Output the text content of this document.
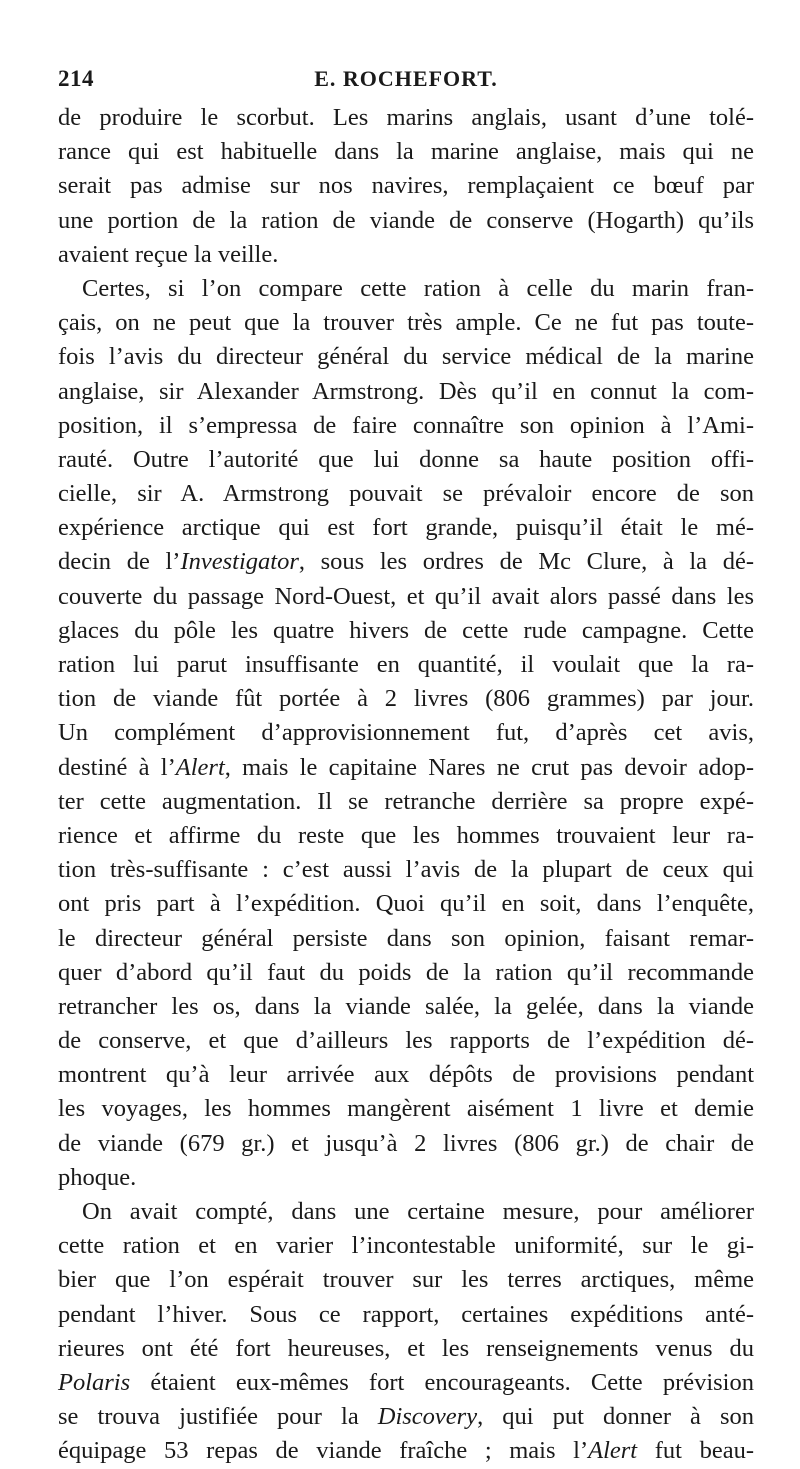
214	E. ROCHEFORT.
de produire le scorbut. Les marins anglais, usant d’une tolé-
rance qui est habituelle dans la marine anglaise, mais qui ne
serait pas admise sur nos navires, remplaçaient ce bœuf par
une portion de la ration de viande de conserve (Hogarth) qu’ils
avaient reçue la veille.
Certes, si l’on compare cette ration à celle du marin fran-
çais, on ne peut que la trouver très ample. Ce ne fut pas toute-
fois l’avis du directeur général du service médical de la marine
anglaise, sir Alexander Armstrong. Dès qu’il en connut la com-
position, il s’empressa de faire connaître son opinion à l’Ami-
rauté. Outre l’autorité que lui donne sa haute position offi-
cielle, sir A. Armstrong pouvait se prévaloir encore de son
expérience arctique qui est fort grande, puisqu’il était le mé-
decin de l’Investigator, sous les ordres de Mc Clure, à la dé-
couverte du passage Nord-Ouest, et qu’il avait alors passé dans les
glaces du pôle les quatre hivers de cette rude campagne. Cette
ration lui parut insuffisante en quantité, il voulait que la ra-
tion de viande fût portée à 2 livres (806 grammes) par jour.
Un complément d’approvisionnement fut, d’après cet avis,
destiné à l’Alert, mais le capitaine Nares ne crut pas devoir adop-
ter cette augmentation. Il se retranche derrière sa propre expé-
rience et affirme du reste que les hommes trouvaient leur ra-
tion très-suffisante : c’est aussi l’avis de la plupart de ceux qui
ont pris part à l’expédition. Quoi qu’il en soit, dans l’enquête,
le directeur général persiste dans son opinion, faisant remar-
quer d’abord qu’il faut du poids de la ration qu’il recommande
retrancher les os, dans la viande salée, la gelée, dans la viande
de conserve, et que d’ailleurs les rapports de l’expédition dé-
montrent qu’à leur arrivée aux dépôts de provisions pendant
les voyages, les hommes mangèrent aisément 1 livre et demie
de viande (679 gr.) et jusqu’à 2 livres (806 gr.) de chair de
phoque.
On avait compté, dans une certaine mesure, pour améliorer
cette ration et en varier l’incontestable uniformité, sur le gi-
bier que l’on espérait trouver sur les terres arctiques, même
pendant l’hiver. Sous ce rapport, certaines expéditions anté-
rieures ont été fort heureuses, et les renseignements venus du
Polaris étaient eux-mêmes fort encourageants. Cette prévision
se trouva justifiée pour la Discovery, qui put donner à son
équipage 53 repas de viande fraîche ; mais l’Alert fut beau-
